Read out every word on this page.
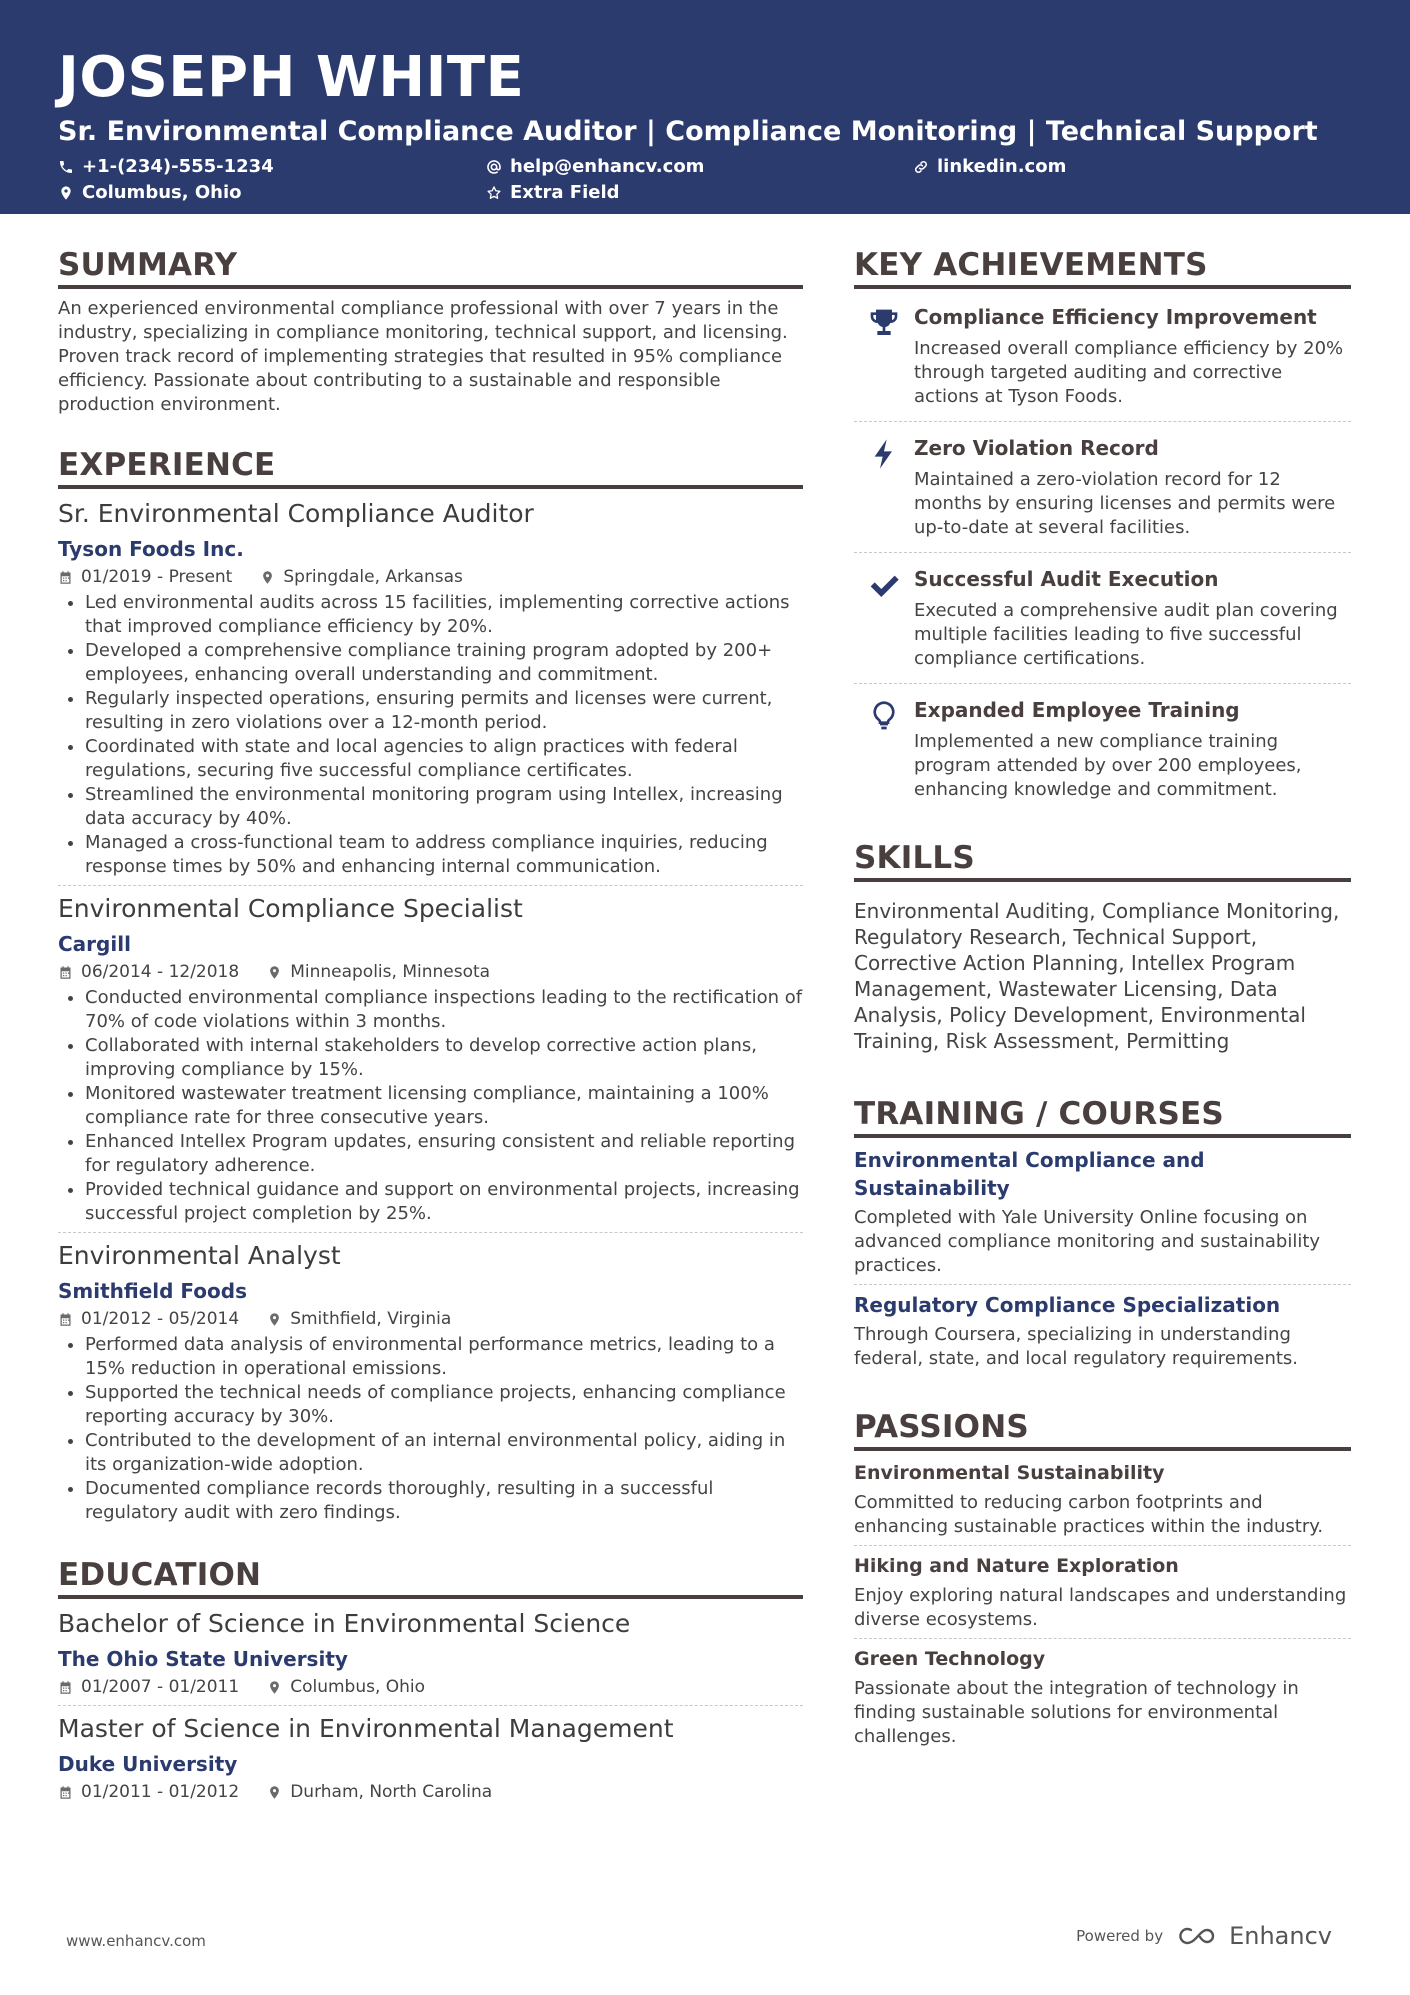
JOSEPH WHITE
Sr. Environmental Compliance Auditor | Compliance Monitoring | Technical Support
+1-(234)-555-1234	help@enhancv.com	linkedin.com
Columbus, Ohio	Extra Field
SUMMARY
An experienced environmental compliance professional with over 7 years in the industry, specializing in compliance monitoring, technical support, and licensing. Proven track record of implementing strategies that resulted in 95% compliance efficiency. Passionate about contributing to a sustainable and responsible production environment.
EXPERIENCE
Sr. Environmental Compliance Auditor
Tyson Foods Inc.
01/2019 - Present	Springdale, Arkansas
Led environmental audits across 15 facilities, implementing corrective actions that improved compliance efficiency by 20%.
Developed a comprehensive compliance training program adopted by 200+ employees, enhancing overall understanding and commitment.
Regularly inspected operations, ensuring permits and licenses were current, resulting in zero violations over a 12-month period.
Coordinated with state and local agencies to align practices with federal regulations, securing five successful compliance certificates.
Streamlined the environmental monitoring program using Intellex, increasing data accuracy by 40%.
Managed a cross-functional team to address compliance inquiries, reducing response times by 50% and enhancing internal communication.
Environmental Compliance Specialist
Cargill
06/2014 - 12/2018	Minneapolis, Minnesota
Conducted environmental compliance inspections leading to the rectification of 70% of code violations within 3 months.
Collaborated with internal stakeholders to develop corrective action plans, improving compliance by 15%.
Monitored wastewater treatment licensing compliance, maintaining a 100% compliance rate for three consecutive years.
Enhanced Intellex Program updates, ensuring consistent and reliable reporting for regulatory adherence.
Provided technical guidance and support on environmental projects, increasing successful project completion by 25%.
Environmental Analyst
Smithfield Foods
01/2012 - 05/2014	Smithfield, Virginia
Performed data analysis of environmental performance metrics, leading to a 15% reduction in operational emissions.
Supported the technical needs of compliance projects, enhancing compliance reporting accuracy by 30%.
Contributed to the development of an internal environmental policy, aiding in its organization-wide adoption.
Documented compliance records thoroughly, resulting in a successful regulatory audit with zero findings.
EDUCATION
Bachelor of Science in Environmental Science
The Ohio State University
01/2007 - 01/2011	Columbus, Ohio
Master of Science in Environmental Management
Duke University
01/2011 - 01/2012	Durham, North Carolina
KEY ACHIEVEMENTS
Compliance Efficiency Improvement
Increased overall compliance efficiency by 20% through targeted auditing and corrective actions at Tyson Foods.
Zero Violation Record
Maintained a zero-violation record for 12 months by ensuring licenses and permits were up-to-date at several facilities.
Successful Audit Execution
Executed a comprehensive audit plan covering multiple facilities leading to five successful compliance certifications.
Expanded Employee Training
Implemented a new compliance training program attended by over 200 employees, enhancing knowledge and commitment.
SKILLS
Environmental Auditing, Compliance Monitoring, Regulatory Research, Technical Support, Corrective Action Planning, Intellex Program Management, Wastewater Licensing, Data Analysis, Policy Development, Environmental Training, Risk Assessment, Permitting
TRAINING / COURSES
Environmental Compliance and Sustainability
Completed with Yale University Online focusing on advanced compliance monitoring and sustainability practices.
Regulatory Compliance Specialization
Through Coursera, specializing in understanding federal, state, and local regulatory requirements.
PASSIONS
Environmental Sustainability
Committed to reducing carbon footprints and enhancing sustainable practices within the industry.
Hiking and Nature Exploration
Enjoy exploring natural landscapes and understanding diverse ecosystems.
Green Technology
Passionate about the integration of technology in finding sustainable solutions for environmental challenges.
www.enhancv.com	Powered by	Enhancv
